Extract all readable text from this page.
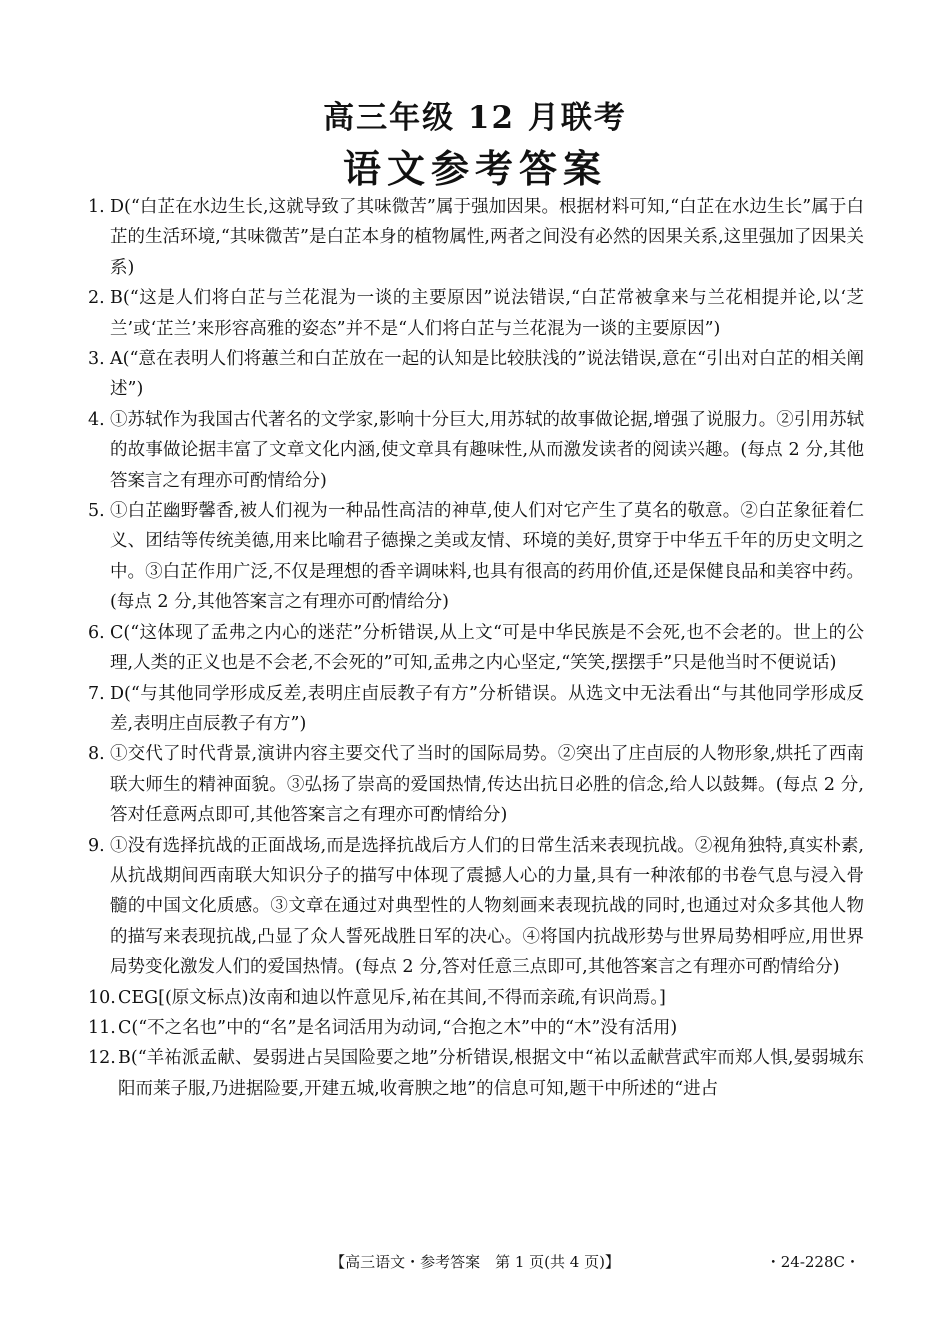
高三年级 12 月联考
语文参考答案
1. D(“白芷在水边生长,这就导致了其味微苦”属于强加因果。根据材料可知,“白芷在水边生长”属于白芷的生活环境,“其味微苦”是白芷本身的植物属性,两者之间没有必然的因果关系,这里强加了因果关系)
2. B(“这是人们将白芷与兰花混为一谈的主要原因”说法错误,“白芷常被拿来与兰花相提并论,以‘芝兰’或‘芷兰’来形容高雅的姿态”并不是“人们将白芷与兰花混为一谈的主要原因”)
3. A(“意在表明人们将蕙兰和白芷放在一起的认知是比较肤浅的”说法错误,意在“引出对白芷的相关阐述”)
4. ①苏轼作为我国古代著名的文学家,影响十分巨大,用苏轼的故事做论据,增强了说服力。②引用苏轼的故事做论据丰富了文章文化内涵,使文章具有趣味性,从而激发读者的阅读兴趣。(每点 2 分,其他答案言之有理亦可酌情给分)
5. ①白芷幽野馨香,被人们视为一种品性高洁的神草,使人们对它产生了莫名的敬意。②白芷象征着仁义、团结等传统美德,用来比喻君子德操之美或友情、环境的美好,贯穿于中华五千年的历史文明之中。③白芷作用广泛,不仅是理想的香辛调味料,也具有很高的药用价值,还是保健良品和美容中药。(每点 2 分,其他答案言之有理亦可酌情给分)
6. C(“这体现了孟弗之内心的迷茫”分析错误,从上文“可是中华民族是不会死,也不会老的。世上的公理,人类的正义也是不会老,不会死的”可知,孟弗之内心坚定,“笑笑,摆摆手”只是他当时不便说话)
7. D(“与其他同学形成反差,表明庄卣辰教子有方”分析错误。从选文中无法看出“与其他同学形成反差,表明庄卣辰教子有方”)
8. ①交代了时代背景,演讲内容主要交代了当时的国际局势。②突出了庄卣辰的人物形象,烘托了西南联大师生的精神面貌。③弘扬了崇高的爱国热情,传达出抗日必胜的信念,给人以鼓舞。(每点 2 分,答对任意两点即可,其他答案言之有理亦可酌情给分)
9. ①没有选择抗战的正面战场,而是选择抗战后方人们的日常生活来表现抗战。②视角独特,真实朴素,从抗战期间西南联大知识分子的描写中体现了震撼人心的力量,具有一种浓郁的书卷气息与浸入骨髓的中国文化质感。③文章在通过对典型性的人物刻画来表现抗战的同时,也通过对众多其他人物的描写来表现抗战,凸显了众人誓死战胜日军的决心。④将国内抗战形势与世界局势相呼应,用世界局势变化激发人们的爱国热情。(每点 2 分,答对任意三点即可,其他答案言之有理亦可酌情给分)
10. CEG[(原文标点)汝南和迪以忤意见斥,祐在其间,不得而亲疏,有识尚焉。]
11. C(“不之名也”中的“名”是名词活用为动词,“合抱之木”中的“木”没有活用)
12. B(“羊祐派孟献、晏弱进占吴国险要之地”分析错误,根据文中“祐以孟献营武牢而郑人惧,晏弱城东阳而莱子服,乃进据险要,开建五城,收膏腴之地”的信息可知,题干中所述的“进占
【高三语文・参考答案　第 1 页(共 4 页)】	・24-228C・
